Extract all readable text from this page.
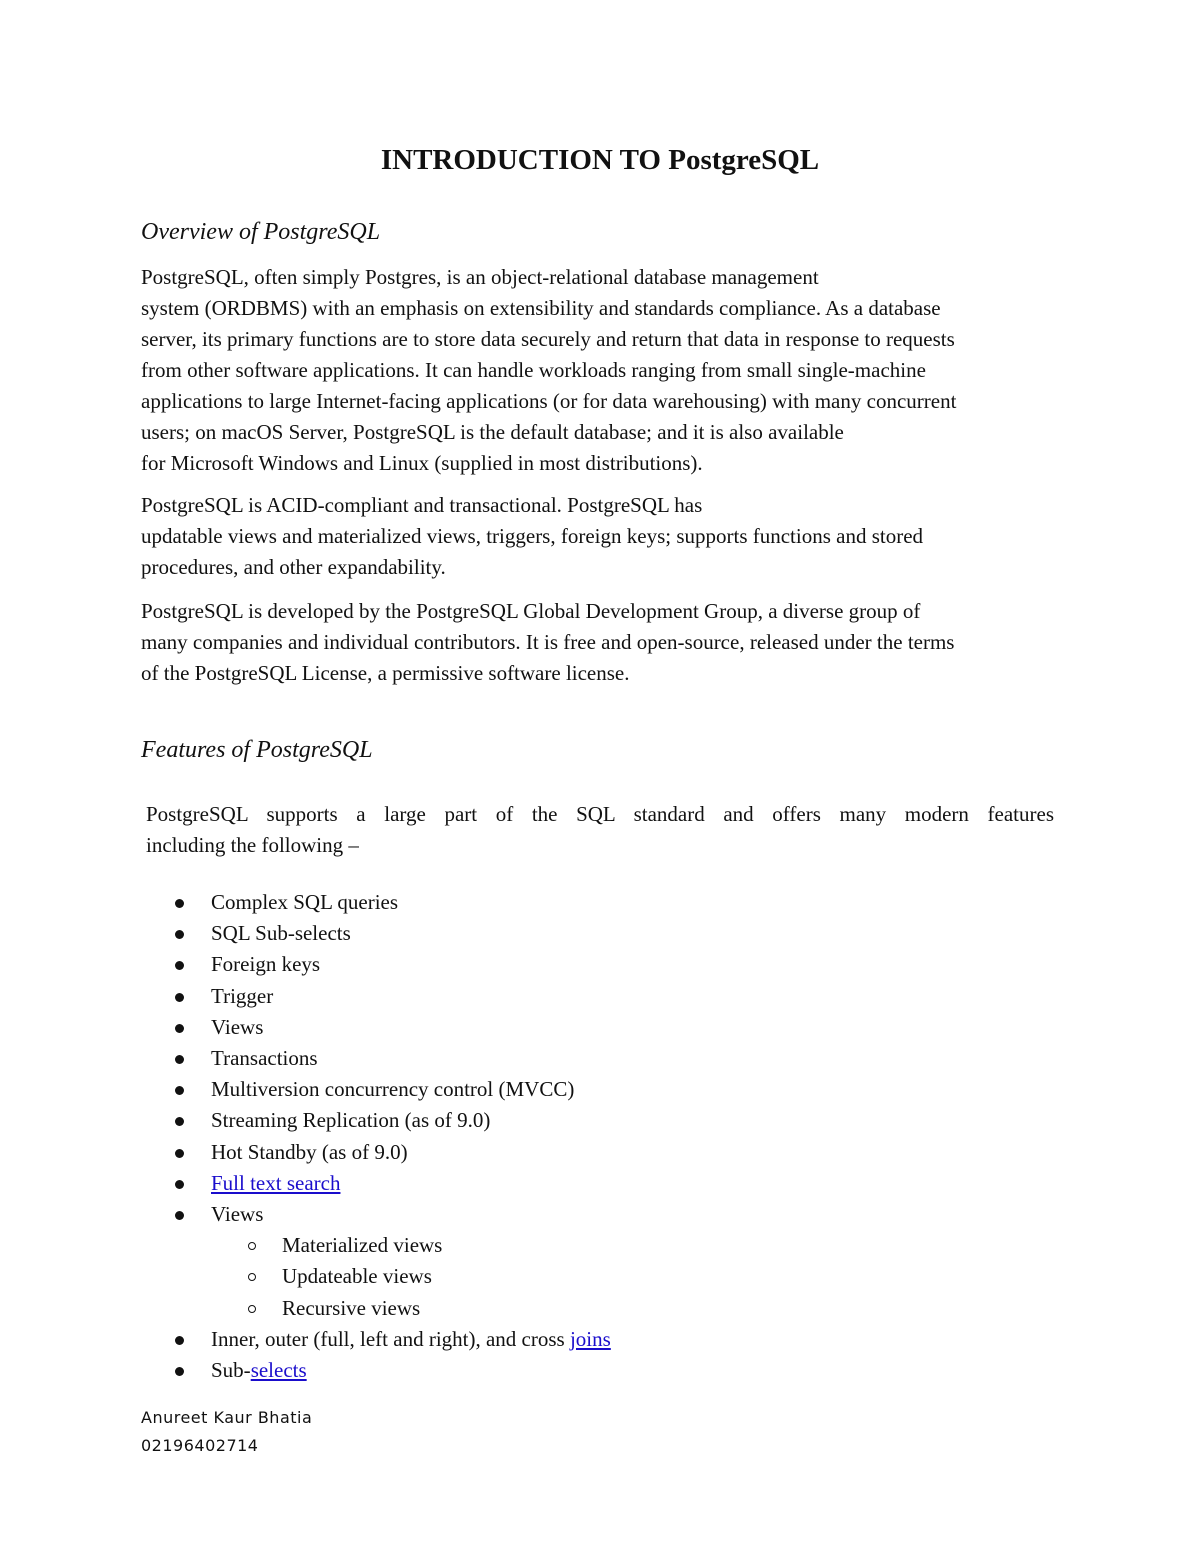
INTRODUCTION TO PostgreSQL
Overview of PostgreSQL

PostgreSQL, often simply Postgres, is an object-relational database management
system (ORDBMS) with an emphasis on extensibility and standards compliance. As a database
server, its primary functions are to store data securely and return that data in response to requests
from other software applications. It can handle workloads ranging from small single-machine
applications to large Internet-facing applications (or for data warehousing) with many concurrent
users; on macOS Server, PostgreSQL is the default database; and it is also available
for Microsoft Windows and Linux (supplied in most distributions).

PostgreSQL is ACID-compliant and transactional. PostgreSQL has
updatable views and materialized views, triggers, foreign keys; supports functions and stored
procedures, and other expandability.

PostgreSQL is developed by the PostgreSQL Global Development Group, a diverse group of
many companies and individual contributors. It is free and open-source, released under the terms
of the PostgreSQL License, a permissive software license.

Features of PostgreSQL

PostgreSQL supports a large part of the SQL standard and offers many modern features
including the following –

Complex SQL queries
SQL Sub-selects
Foreign keys
Trigger
Views
Transactions
Multiversion concurrency control (MVCC)
Streaming Replication (as of 9.0)
Hot Standby (as of 9.0)
Full text search
Views
Materialized views
Updateable views
Recursive views
Inner, outer (full, left and right), and cross joins
Sub-selects
Anureet Kaur Bhatia
02196402714
